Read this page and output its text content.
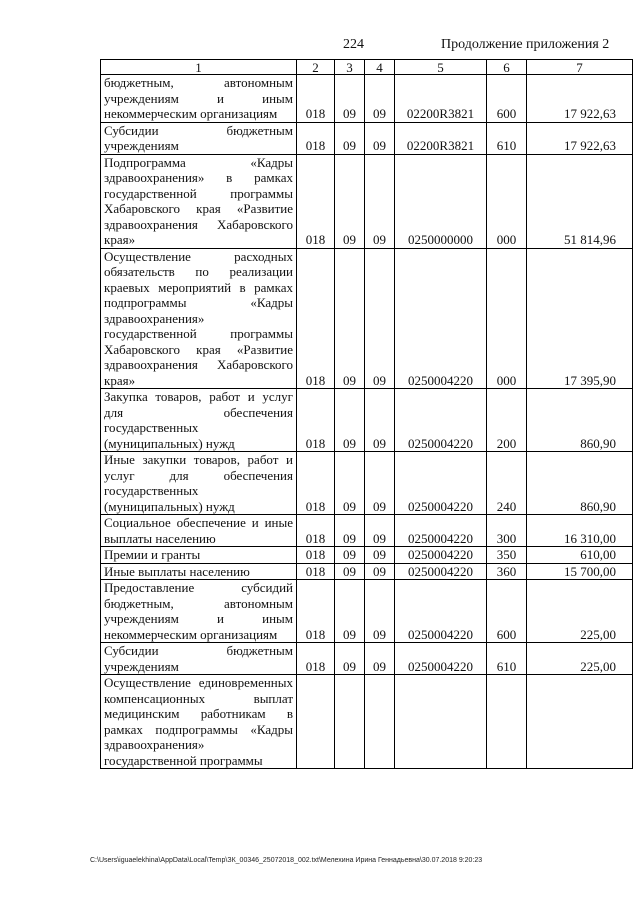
224	Продолжение приложения 2
1	2	3	4	5	6	7
бюджетным, автономным учреждениям и иным некоммерческим организациям	018	09	09	02200R3821	600	17 922,63
Субсидии бюджетным учреждениям	018	09	09	02200R3821	610	17 922,63
Подпрограмма «Кадры здравоохранения» в рамках государственной программы Хабаровского края «Развитие здравоохранения Хабаровского края»	018	09	09	0250000000	000	51 814,96
Осуществление расходных обязательств по реализации краевых мероприятий в рамках подпрограммы «Кадры здравоохранения» государственной программы Хабаровского края «Развитие здравоохранения Хабаровского края»	018	09	09	0250004220	000	17 395,90
Закупка товаров, работ и услуг для обеспечения государственных (муниципальных) нужд	018	09	09	0250004220	200	860,90
Иные закупки товаров, работ и услуг для обеспечения государственных (муниципальных) нужд	018	09	09	0250004220	240	860,90
Социальное обеспечение и иные выплаты населению	018	09	09	0250004220	300	16 310,00
Премии и гранты	018	09	09	0250004220	350	610,00
Иные выплаты населению	018	09	09	0250004220	360	15 700,00
Предоставление субсидий бюджетным, автономным учреждениям и иным некоммерческим организациям	018	09	09	0250004220	600	225,00
Субсидии бюджетным учреждениям	018	09	09	0250004220	610	225,00
Осуществление единовременных компенсационных выплат медицинским работникам в рамках подпрограммы «Кадры здравоохранения» государственной программы						
C:\Users\iguaelekhina\AppData\Local\Temp\ЗК_00346_25072018_002.txt\Мелехина Ирина Геннадьевна\30.07.2018 9:20:23
